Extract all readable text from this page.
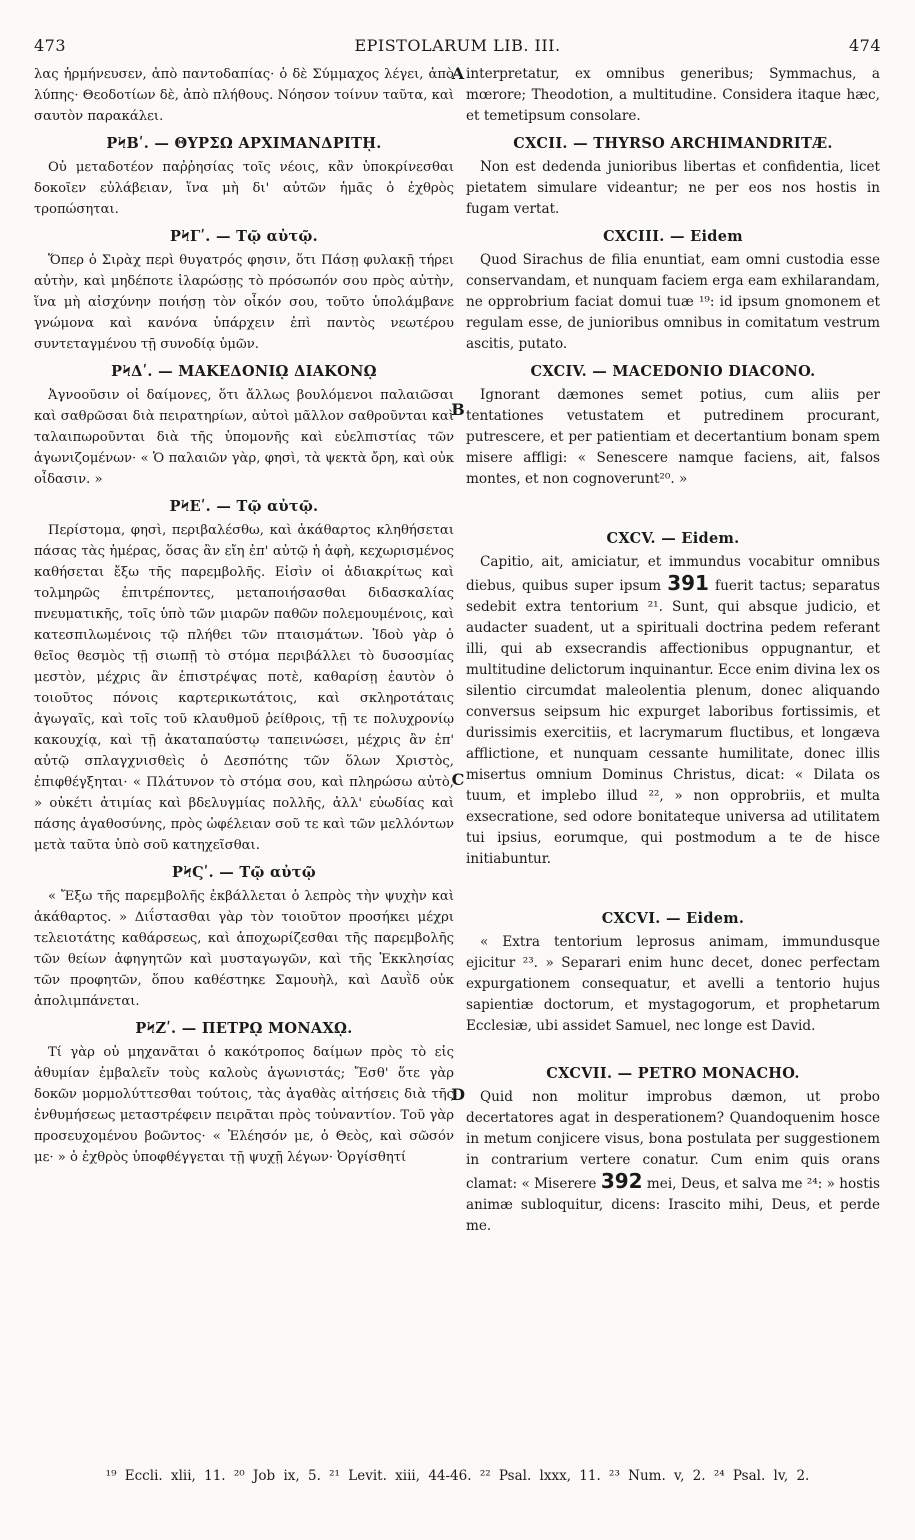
473	EPISTOLARUM LIB. III.	474

λας ἡρμήνευσεν, ἀπὸ παντοδαπίας· ὁ δὲ Σύμμαχος λέγει, ἀπὸ λύπης· Θεοδοτίων δὲ, ἀπὸ πλήθους. Νόησον τοίνυν ταῦτα, καὶ σαυτὸν παρακάλει.

ΡϞΒʹ. — ΘΥΡΣΩ ΑΡΧΙΜΑΝΔΡΙΤῌ.

Οὐ μεταδοτέον παῤῥησίας τοῖς νέοις, κἂν ὑποκρίνεσθαι δοκοῖεν εὐλάβειαν, ἵνα μὴ δι' αὐτῶν ἡμᾶς ὁ ἐχθρὸς τροπώσηται.

ΡϞΓʹ. — Τῷ αὐτῷ.

Ὅπερ ὁ Σιρὰχ περὶ θυγατρός φησιν, ὅτι Πάσῃ φυλακῇ τήρει αὐτὴν, καὶ μηδέποτε ἱλαρώσῃς τὸ πρόσωπόν σου πρὸς αὐτὴν, ἵνα μὴ αἰσχύνην ποιήσῃ τὸν οἶκόν σου, τοῦτο ὑπολάμβανε γνώμονα καὶ κανόνα ὑπάρχειν ἐπὶ παντὸς νεωτέρου συντεταγμένου τῇ συνοδίᾳ ὑμῶν.

ΡϞΔʹ. — ΜΑΚΕΔΟΝΙῼ ΔΙΑΚΟΝῼ

Ἀγνοοῦσιν οἱ δαίμονες, ὅτι ἄλλως βουλόμενοι παλαιῶσαι καὶ σαθρῶσαι διὰ πειρατηρίων, αὐτοὶ μᾶλλον σαθροῦνται καὶ ταλαιπωροῦνται διὰ τῆς ὑπομονῆς καὶ εὐελπιστίας τῶν ἀγωνιζομένων· « Ὁ παλαιῶν γὰρ, φησὶ, τὰ ψεκτὰ ὄρη, καὶ οὐκ οἶδασιν. »

ΡϞΕʹ. — Τῷ αὐτῷ.

Περίστομα, φησὶ, περιβαλέσθω, καὶ ἀκάθαρτος κληθήσεται πάσας τὰς ἡμέρας, ὅσας ἂν εἴη ἐπ' αὐτῷ ἡ ἀφὴ, κεχωρισμένος καθήσεται ἔξω τῆς παρεμβολῆς. Εἰσὶν οἱ ἀδιακρίτως καὶ τολμηρῶς ἐπιτρέποντες, μεταποιήσασθαι διδασκαλίας πνευματικῆς, τοῖς ὑπὸ τῶν μιαρῶν παθῶν πολεμουμένοις, καὶ κατεσπιλωμένοις τῷ πλήθει τῶν πταισμάτων. Ἰδοὺ γὰρ ὁ θεῖος θεσμὸς τῇ σιωπῇ τὸ στόμα περιβάλλει τὸ δυσοσμίας μεστὸν, μέχρις ἂν ἐπιστρέψας ποτὲ, καθαρίσῃ ἑαυτὸν ὁ τοιοῦτος πόνοις καρτερικωτάτοις, καὶ σκληροτάταις ἀγωγαῖς, καὶ τοῖς τοῦ κλαυθμοῦ ῥείθροις, τῇ τε πολυχρονίῳ κακουχίᾳ, καὶ τῇ ἀκαταπαύστῳ ταπεινώσει, μέχρις ἂν ἐπ' αὐτῷ σπλαγχνισθεὶς ὁ Δεσπότης τῶν ὅλων Χριστὸς, ἐπιφθέγξηται· « Πλάτυνον τὸ στόμα σου, καὶ πληρώσω αὐτὸ, » οὐκέτι ἀτιμίας καὶ βδελυγμίας πολλῆς, ἀλλ' εὐωδίας καὶ πάσης ἀγαθοσύνης, πρὸς ὠφέλειαν σοῦ τε καὶ τῶν μελλόντων μετὰ ταῦτα ὑπὸ σοῦ κατηχεῖσθαι.

ΡϞϚʹ. — Τῷ αὐτῷ

« Ἔξω τῆς παρεμβολῆς ἐκβάλλεται ὁ λεπρὸς τὴν ψυχὴν καὶ ἀκάθαρτος. » Διΐστασθαι γὰρ τὸν τοιοῦτον προσήκει μέχρι τελειοτάτης καθάρσεως, καὶ ἀποχωρίζεσθαι τῆς παρεμβολῆς τῶν θείων ἀφηγητῶν καὶ μυσταγωγῶν, καὶ τῆς Ἐκκλησίας τῶν προφητῶν, ὅπου καθέστηκε Σαμουὴλ, καὶ Δαυῒδ οὐκ ἀπολιμπάνεται.

ΡϞΖʹ. — ΠΕΤΡῼ ΜΟΝΑΧῼ.

Τί γὰρ οὐ μηχανᾶται ὁ κακότροπος δαίμων πρὸς τὸ εἰς ἀθυμίαν ἐμβαλεῖν τοὺς καλοὺς ἀγωνιστάς; Ἔσθ' ὅτε γὰρ δοκῶν μορμολύττεσθαι τούτοις, τὰς ἀγαθὰς αἰτήσεις διὰ τῆς ἐνθυμήσεως μεταστρέφειν πειρᾶται πρὸς τοὐναντίον. Τοῦ γὰρ προσευχομένου βοῶντος· « Ἐλέησόν με, ὁ Θεὸς, καὶ σῶσόν με· » ὁ ἐχθρὸς ὑποφθέγγεται τῇ ψυχῇ λέγων· Ὀργίσθητί

A
B
C
D

interpretatur, ex omnibus generibus; Symmachus, a mœrore; Theodotion, a multitudine. Considera itaque hæc, et temetipsum consolare.

CXCII. — THYRSO ARCHIMANDRITÆ.

Non est dedenda junioribus libertas et confidentia, licet pietatem simulare videantur; ne per eos nos hostis in fugam vertat.

CXCIII. — Eidem

Quod Sirachus de filia enuntiat, eam omni custodia esse conservandam, et nunquam faciem erga eam exhilarandam, ne opprobrium faciat domui tuæ ¹⁹: id ipsum gnomonem et regulam esse, de junioribus omnibus in comitatum vestrum ascitis, putato.

CXCIV. — MACEDONIO DIACONO.

Ignorant dæmones semet potius, cum aliis per tentationes vetustatem et putredinem procurant, putrescere, et per patientiam et decertantium bonam spem misere affligi: « Senescere namque faciens, ait, falsos montes, et non cognoverunt²⁰. »

CXCV. — Eidem.

Capitio, ait, amiciatur, et immundus vocabitur omnibus diebus, quibus super ipsum 391 fuerit tactus; separatus sedebit extra tentorium ²¹. Sunt, qui absque judicio, et audacter suadent, ut a spirituali doctrina pedem referant illi, qui ab exsecrandis affectionibus oppugnantur, et multitudine delictorum inquinantur. Ecce enim divina lex os silentio circumdat maleolentia plenum, donec aliquando conversus seipsum hic expurget laboribus fortissimis, et durissimis exercitiis, et lacrymarum fluctibus, et longæva afflictione, et nunquam cessante humilitate, donec illis misertus omnium Dominus Christus, dicat: « Dilata os tuum, et implebo illud ²², » non opprobriis, et multa exsecratione, sed odore bonitateque universa ad utilitatem tui ipsius, eorumque, qui postmodum a te de hisce initiabuntur.

CXCVI. — Eidem.

« Extra tentorium leprosus animam, immundusque ejicitur ²³. » Separari enim hunc decet, donec perfectam expurgationem consequatur, et avelli a tentorio hujus sapientiæ doctorum, et mystagogorum, et prophetarum Ecclesiæ, ubi assidet Samuel, nec longe est David.

CXCVII. — PETRO MONACHO.

Quid non molitur improbus dæmon, ut probo decertatores agat in desperationem? Quandoquenim hosce in metum conjicere visus, bona postulata per suggestionem in contrarium vertere conatur. Cum enim quis orans clamat: « Miserere 392 mei, Deus, et salva me ²⁴: » hostis animæ subloquitur, dicens: Irascito mihi, Deus, et perde me.

¹⁹ Eccli. xlii, 11. ²⁰ Job ix, 5. ²¹ Levit. xiii, 44-46. ²² Psal. lxxx, 11. ²³ Num. v, 2. ²⁴ Psal. lv, 2.
